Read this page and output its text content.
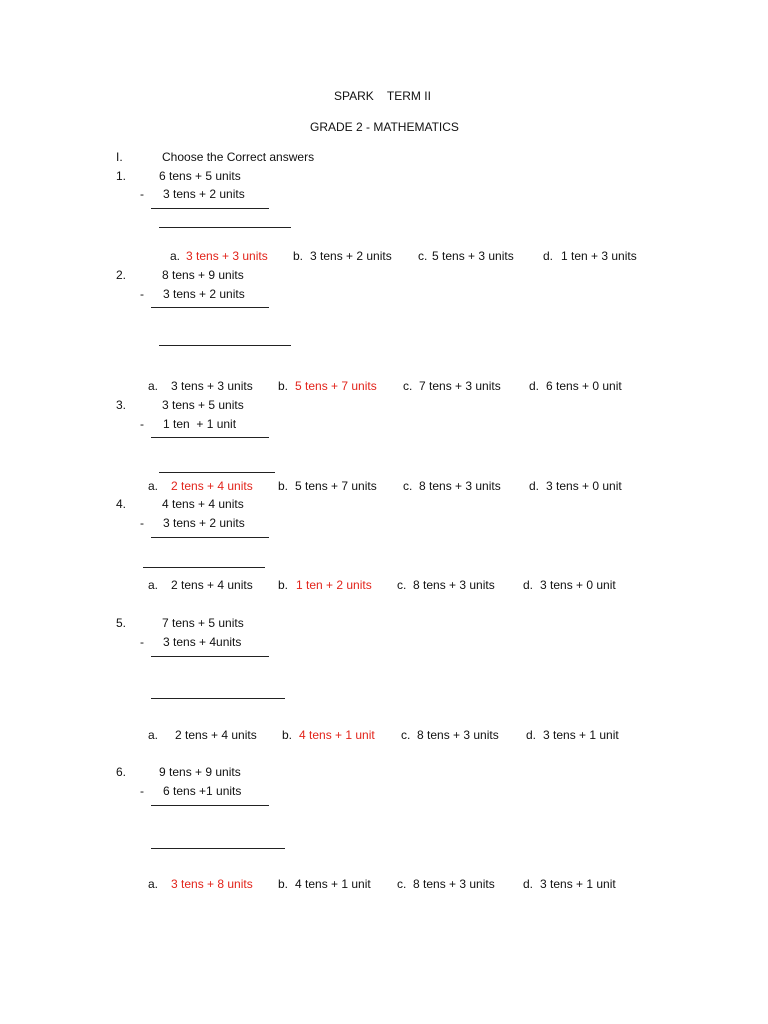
SPARK    TERM II
GRADE 2 - MATHEMATICS
I.	Choose the Correct answers
1.	6 tens + 5 units
- 3 tens + 2 units
a. 3 tens + 3 units b. 3 tens + 2 units c. 5 tens + 3 units d. 1 ten + 3 units
2.	8 tens + 9 units
- 3 tens + 2 units
a. 3 tens + 3 units b. 5 tens + 7 units c. 7 tens + 3 units d. 6 tens + 0 unit
3.	3 tens + 5 units
- 1 ten  + 1 unit
a. 2 tens + 4 units b. 5 tens + 7 units c. 8 tens + 3 units d. 3 tens + 0 unit
4.	4 tens + 4 units
- 3 tens + 2 units
a. 2 tens + 4 units b. 1 ten + 2 units c. 8 tens + 3 units d. 3 tens + 0 unit
5.	7 tens + 5 units
- 3 tens + 4units
a. 2 tens + 4 units b. 4 tens + 1 unit c. 8 tens + 3 units d. 3 tens + 1 unit
6.	9 tens + 9 units
- 6 tens +1 units
a. 3 tens + 8 units b. 4 tens + 1 unit c. 8 tens + 3 units d. 3 tens + 1 unit
